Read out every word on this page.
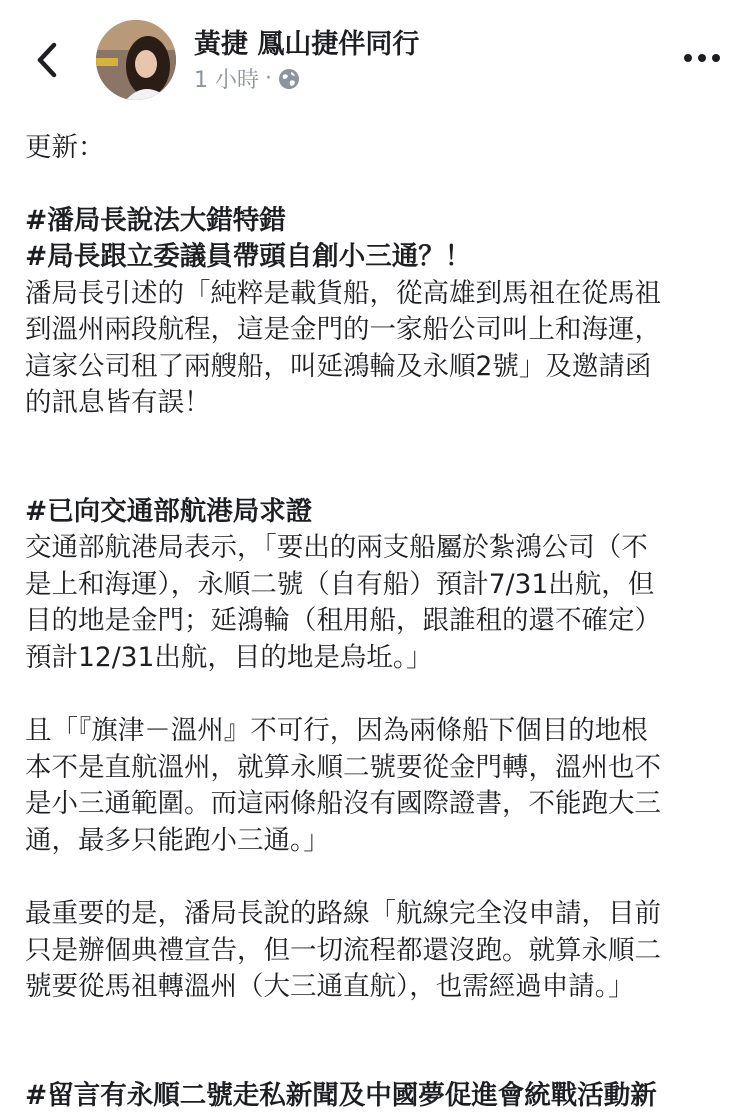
黃捷 鳳山捷伴同行
1 小時 ·

更新：

#潘局長說法大錯特錯

#局長跟立委議員帶頭自創小三通？！

潘局長引述的「純粹是載貨船，從高雄到馬祖在從馬祖

到溫州兩段航程，這是金門的一家船公司叫上和海運，

這家公司租了兩艘船，叫延鴻輪及永順2號」及邀請函

的訊息皆有誤！

#已向交通部航港局求證

交通部航港局表示，「要出的兩支船屬於紮鴻公司（不

是上和海運），永順二號（自有船）預計7/31出航，但

目的地是金門；延鴻輪（租用船，跟誰租的還不確定）

預計12/31出航，目的地是烏坵。」

且「『旗津－溫州』不可行，因為兩條船下個目的地根

本不是直航溫州，就算永順二號要從金門轉，溫州也不

是小三通範圍。而這兩條船沒有國際證書，不能跑大三

通，最多只能跑小三通。」

最重要的是，潘局長說的路線「航線完全沒申請，目前

只是辦個典禮宣告，但一切流程都還沒跑。就算永順二

號要從馬祖轉溫州（大三通直航），也需經過申請。」

#留言有永順二號走私新聞及中國夢促進會統戰活動新
